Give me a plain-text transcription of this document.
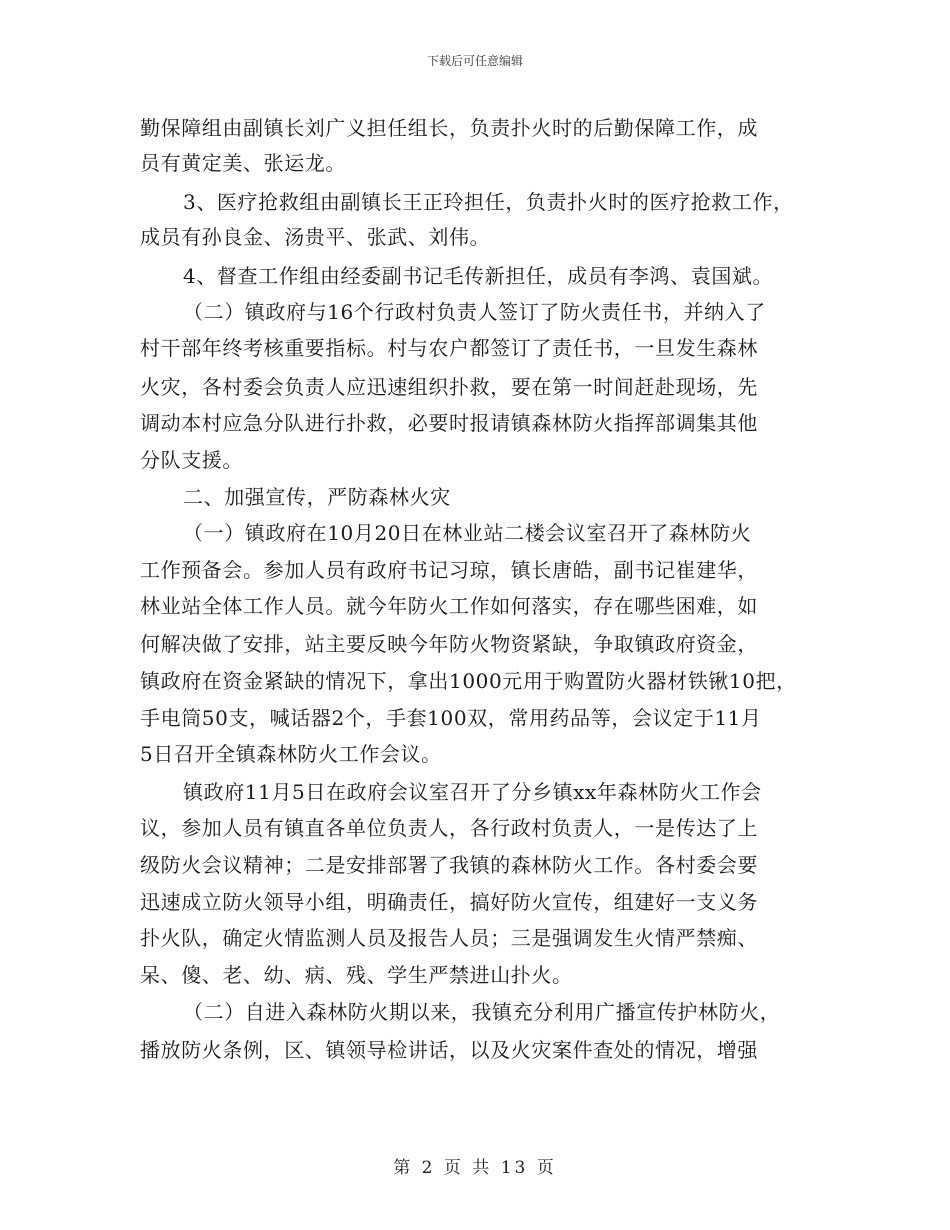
下载后可任意编辑
勤保障组由副镇长刘广义担任组长，负责扑火时的后勤保障工作，成
员有黄定美、张运龙。
3、医疗抢救组由副镇长王正玲担任，负责扑火时的医疗抢救工作，
成员有孙良金、汤贵平、张武、刘伟。
4、督查工作组由经委副书记毛传新担任，成员有李鸿、袁国斌。
（二）镇政府与16个行政村负责人签订了防火责任书，并纳入了
村干部年终考核重要指标。村与农户都签订了责任书，一旦发生森林
火灾，各村委会负责人应迅速组织扑救，要在第一时间赶赴现场，先
调动本村应急分队进行扑救，必要时报请镇森林防火指挥部调集其他
分队支援。
二、加强宣传，严防森林火灾
（一）镇政府在10月20日在林业站二楼会议室召开了森林防火
工作预备会。参加人员有政府书记习琼，镇长唐皓，副书记崔建华，
林业站全体工作人员。就今年防火工作如何落实，存在哪些困难，如
何解决做了安排，站主要反映今年防火物资紧缺，争取镇政府资金，
镇政府在资金紧缺的情况下，拿出1000元用于购置防火器材铁锹10把，
手电筒50支，喊话器2个，手套100双，常用药品等，会议定于11月
5日召开全镇森林防火工作会议。
镇政府11月5日在政府会议室召开了分乡镇xx年森林防火工作会
议，参加人员有镇直各单位负责人，各行政村负责人，一是传达了上
级防火会议精神；二是安排部署了我镇的森林防火工作。各村委会要
迅速成立防火领导小组，明确责任，搞好防火宣传，组建好一支义务
扑火队，确定火情监测人员及报告人员；三是强调发生火情严禁痴、
呆、傻、老、幼、病、残、学生严禁进山扑火。
（二）自进入森林防火期以来，我镇充分利用广播宣传护林防火，
播放防火条例，区、镇领导检讲话，以及火灾案件查处的情况，增强
第 2 页 共 13 页
